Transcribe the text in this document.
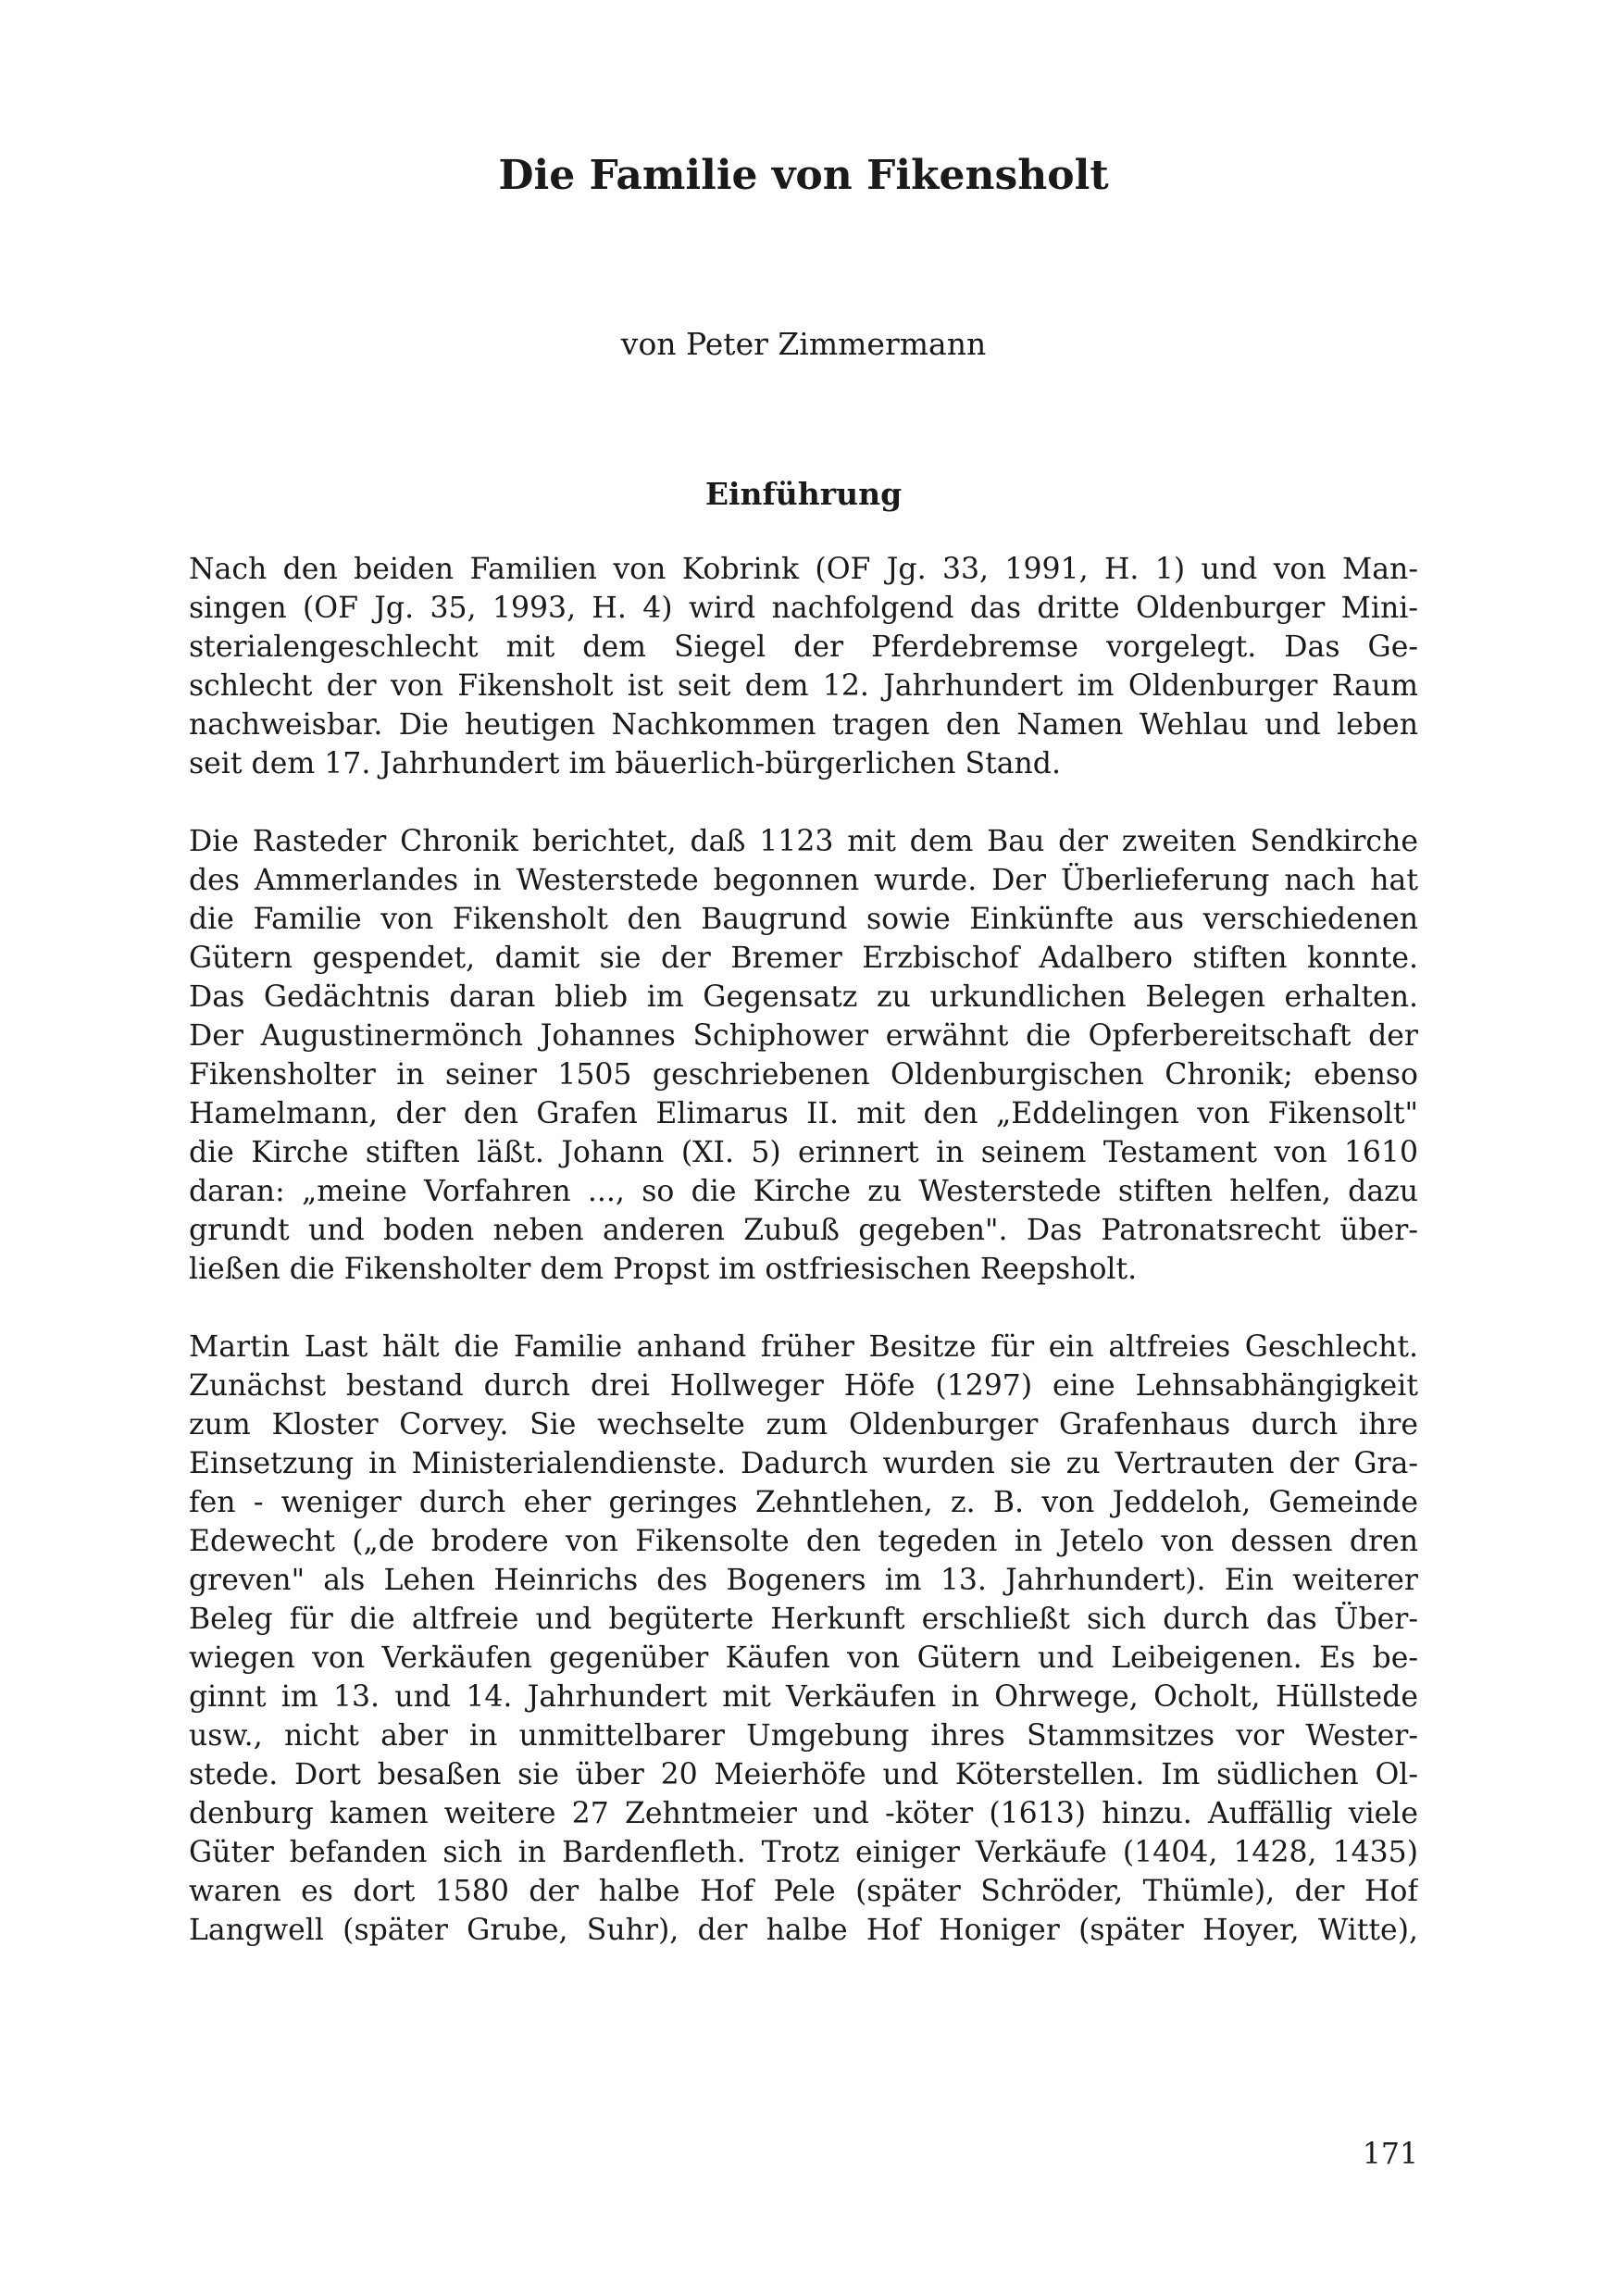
Die Familie von Fikensholt

von Peter Zimmermann

Einführung
Nach den beiden Familien von Kobrink (OF Jg. 33, 1991, H. 1) und von Man-
singen (OF Jg. 35, 1993, H. 4) wird nachfolgend das dritte Oldenburger Mini-
sterialengeschlecht mit dem Siegel der Pferdebremse vorgelegt. Das Ge-
schlecht der von Fikensholt ist seit dem 12. Jahrhundert im Oldenburger Raum
nachweisbar. Die heutigen Nachkommen tragen den Namen Wehlau und leben
seit dem 17. Jahrhundert im bäuerlich-bürgerlichen Stand.
Die Rasteder Chronik berichtet, daß 1123 mit dem Bau der zweiten Sendkirche
des Ammerlandes in Westerstede begonnen wurde. Der Überlieferung nach hat
die Familie von Fikensholt den Baugrund sowie Einkünfte aus verschiedenen
Gütern gespendet, damit sie der Bremer Erzbischof Adalbero stiften konnte.
Das Gedächtnis daran blieb im Gegensatz zu urkundlichen Belegen erhalten.
Der Augustinermönch Johannes Schiphower erwähnt die Opferbereitschaft der
Fikensholter in seiner 1505 geschriebenen Oldenburgischen Chronik; ebenso
Hamelmann, der den Grafen Elimarus II. mit den „Eddelingen von Fikensolt"
die Kirche stiften läßt. Johann (XI. 5) erinnert in seinem Testament von 1610
daran: „meine Vorfahren ..., so die Kirche zu Westerstede stiften helfen, dazu
grundt und boden neben anderen Zubuß gegeben". Das Patronatsrecht über-
ließen die Fikensholter dem Propst im ostfriesischen Reepsholt.
Martin Last hält die Familie anhand früher Besitze für ein altfreies Geschlecht.
Zunächst bestand durch drei Hollweger Höfe (1297) eine Lehnsabhängigkeit
zum Kloster Corvey. Sie wechselte zum Oldenburger Grafenhaus durch ihre
Einsetzung in Ministerialendienste. Dadurch wurden sie zu Vertrauten der Gra-
fen - weniger durch eher geringes Zehntlehen, z. B. von Jeddeloh, Gemeinde
Edewecht („de brodere von Fikensolte den tegeden in Jetelo von dessen dren
greven" als Lehen Heinrichs des Bogeners im 13. Jahrhundert). Ein weiterer
Beleg für die altfreie und begüterte Herkunft erschließt sich durch das Über-
wiegen von Verkäufen gegenüber Käufen von Gütern und Leibeigenen. Es be-
ginnt im 13. und 14. Jahrhundert mit Verkäufen in Ohrwege, Ocholt, Hüllstede
usw., nicht aber in unmittelbarer Umgebung ihres Stammsitzes vor Wester-
stede. Dort besaßen sie über 20 Meierhöfe und Köterstellen. Im südlichen Ol-
denburg kamen weitere 27 Zehntmeier und -köter (1613) hinzu. Auffällig viele
Güter befanden sich in Bardenfleth. Trotz einiger Verkäufe (1404, 1428, 1435)
waren es dort 1580 der halbe Hof Pele (später Schröder, Thümle), der Hof
Langwell (später Grube, Suhr), der halbe Hof Honiger (später Hoyer, Witte),

171
